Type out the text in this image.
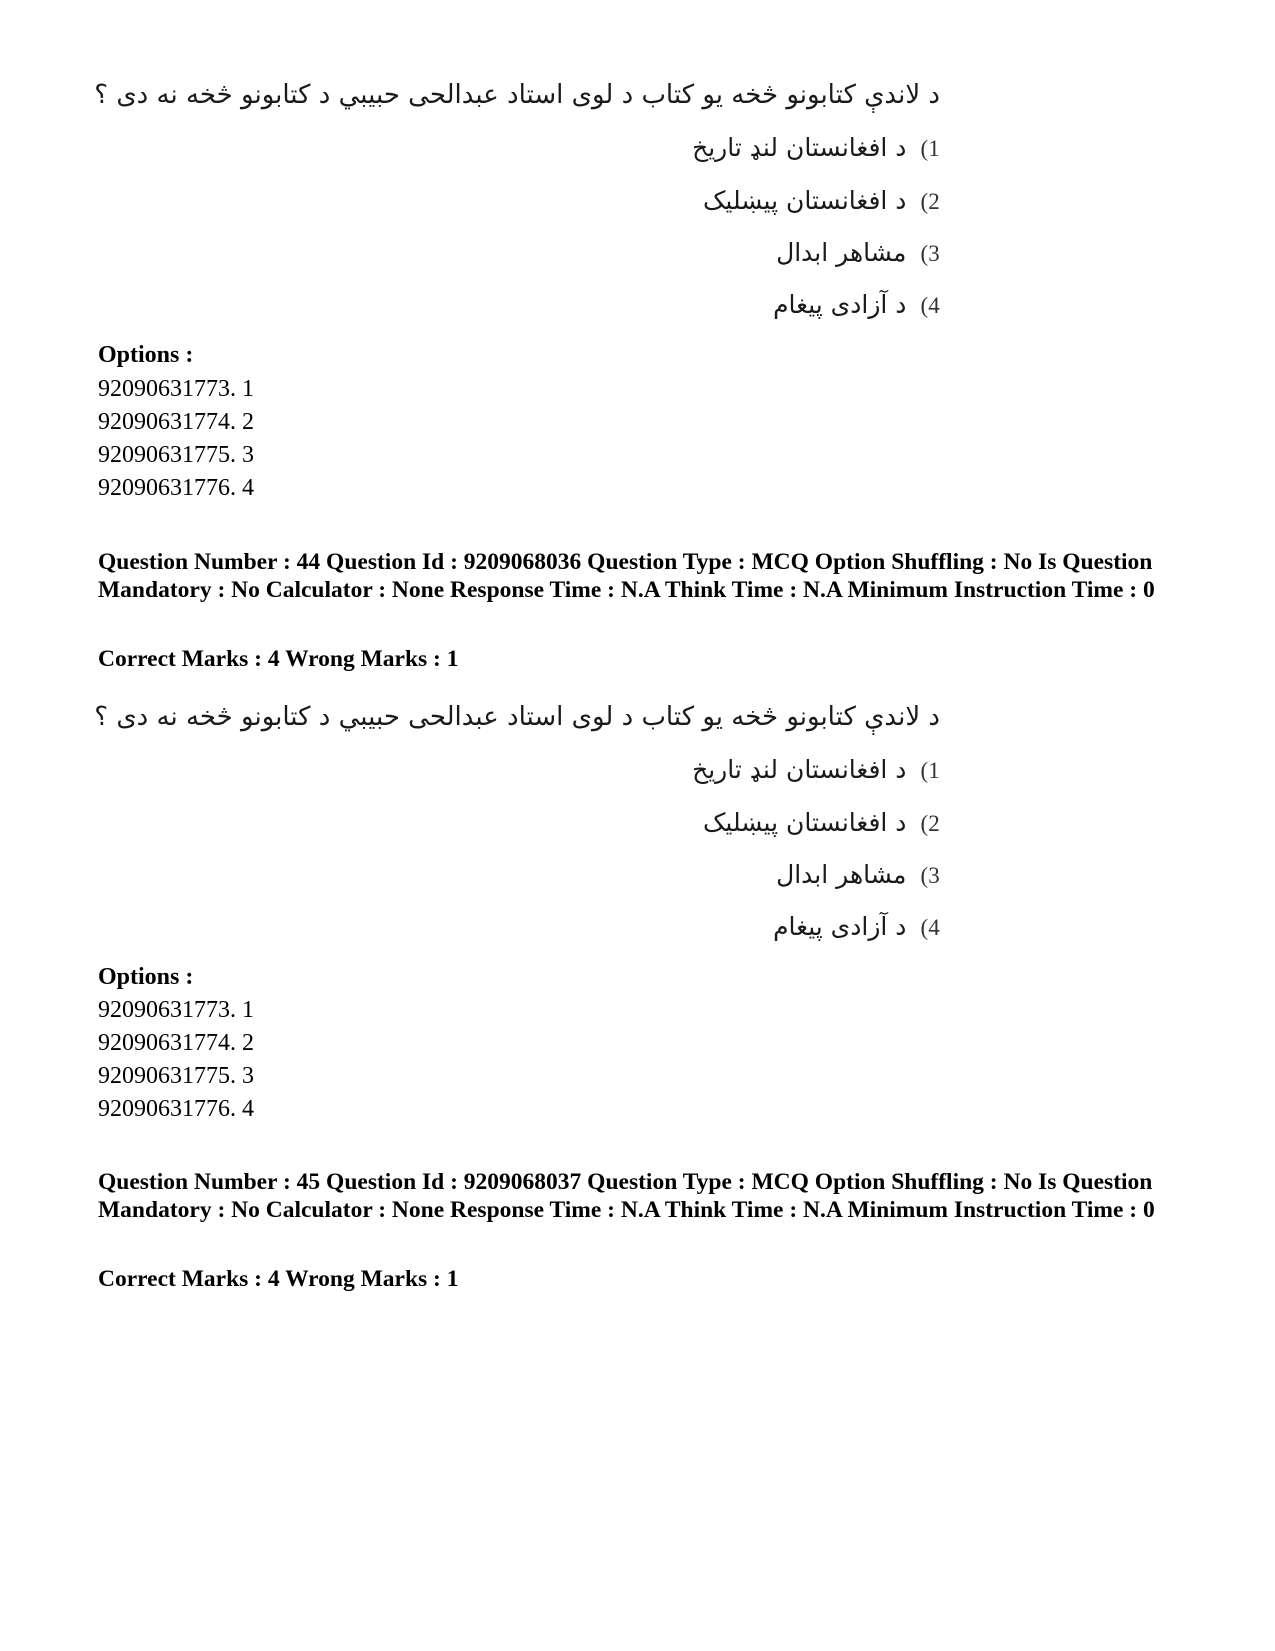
د لاندې کتابونو څخه يو کتاب د لوی استاد عبدالحی حبيبي د کتابونو څخه نه دی ؟
1)د افغانستان لنډ تاريخ
2)د افغانستان پيښليک
3)مشاهر ابدال
4)د آزادی پيغام
Options :
92090631773. 1
92090631774. 2
92090631775. 3
92090631776. 4
Question Number : 44 Question Id : 9209068036 Question Type : MCQ Option Shuffling : No Is Question Mandatory : No Calculator : None Response Time : N.A Think Time : N.A Minimum Instruction Time : 0
Correct Marks : 4 Wrong Marks : 1
د لاندې کتابونو څخه يو کتاب د لوی استاد عبدالحی حبيبي د کتابونو څخه نه دی ؟
1)د افغانستان لنډ تاريخ
2)د افغانستان پيښليک
3)مشاهر ابدال
4)د آزادی پيغام
Options :
92090631773. 1
92090631774. 2
92090631775. 3
92090631776. 4
Question Number : 45 Question Id : 9209068037 Question Type : MCQ Option Shuffling : No Is Question Mandatory : No Calculator : None Response Time : N.A Think Time : N.A Minimum Instruction Time : 0
Correct Marks : 4 Wrong Marks : 1
